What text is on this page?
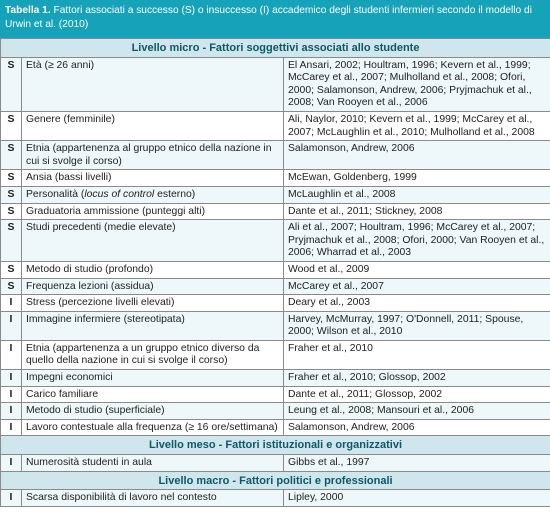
Tabella 1. Fattori associati a successo (S) o insuccesso (I) accademico degli studenti infermieri secondo il modello di Urwin et al. (2010)
Livello micro - Fattori soggettivi associati allo studente		
S	Età (≥ 26 anni)	El Ansari, 2002; Houltram, 1996; Kevern et al., 1999; McCarey et al., 2007; Mulholland et al., 2008; Ofori, 2000; Salamonson, Andrew, 2006; Pryjmachuk et al., 2008; Van Rooyen et al., 2006
S	Genere (femminile)	Ali, Naylor, 2010; Kevern et al., 1999; McCarey et al., 2007; McLaughlin et al., 2010; Mulholland et al., 2008
S	Etnia (appartenenza al gruppo etnico della nazione in cui si svolge il corso)	Salamonson, Andrew, 2006
S	Ansia (bassi livelli)	McEwan, Goldenberg, 1999
S	Personalità (locus of control esterno)	McLaughlin et al., 2008
S	Graduatoria ammissione (punteggi alti)	Dante et al., 2011; Stickney, 2008
S	Studi precedenti (medie elevate)	Ali et al., 2007; Houltram, 1996; McCarey et al., 2007; Pryjmachuk et al., 2008; Ofori, 2000; Van Rooyen et al., 2006; Wharrad et al., 2003
S	Metodo di studio (profondo)	Wood et al., 2009
S	Frequenza lezioni (assidua)	McCarey et al., 2007
I	Stress (percezione livelli elevati)	Deary et al., 2003
I	Immagine infermiere (stereotipata)	Harvey, McMurray, 1997; O'Donnell, 2011; Spouse, 2000; Wilson et al., 2010
I	Etnia (appartenenza a un gruppo etnico diverso da quello della nazione in cui si svolge il corso)	Fraher et al., 2010
I	Impegni economici	Fraher et al., 2010; Glossop, 2002
I	Carico familiare	Dante et al., 2011; Glossop, 2002
I	Metodo di studio (superficiale)	Leung et al., 2008; Mansouri et al., 2006
I	Lavoro contestuale alla frequenza (≥ 16 ore/settimana)	Salamonson, Andrew, 2006
Livello meso - Fattori istituzionali e organizzativi		
I	Numerosità studenti in aula	Gibbs et al., 1997
Livello macro - Fattori politici e professionali		
I	Scarsa disponibilità di lavoro nel contesto	Lipley, 2000
